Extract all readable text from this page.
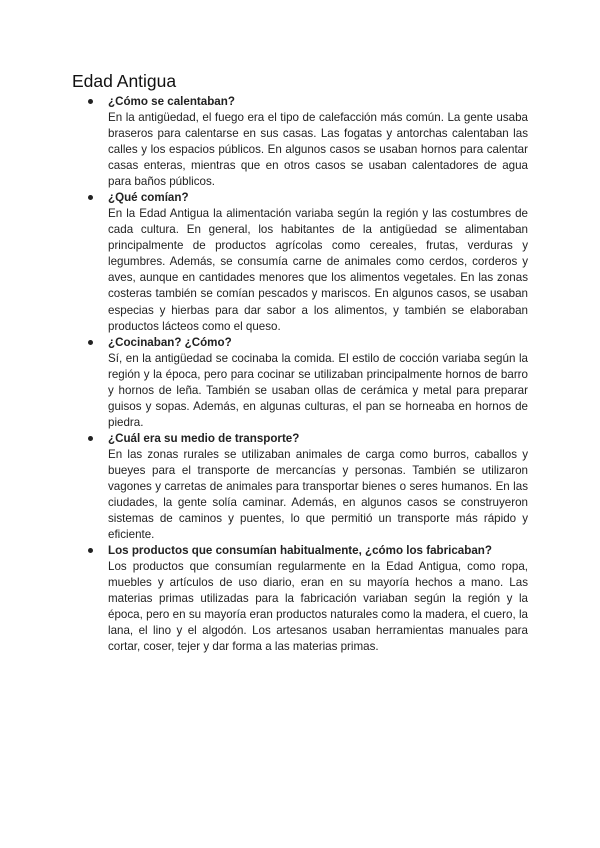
Edad Antigua

¿Cómo se calentaban?

En la antigüedad, el fuego era el tipo de calefacción más común. La gente usaba braseros para calentarse en sus casas. Las fogatas y antorchas calentaban las calles y los espacios públicos. En algunos casos se usaban hornos para calentar casas enteras, mientras que en otros casos se usaban calentadores de agua para baños públicos.

¿Qué comían?

En la Edad Antigua la alimentación variaba según la región y las costumbres de cada cultura. En general, los habitantes de la antigüedad se alimentaban principalmente de productos agrícolas como cereales, frutas, verduras y legumbres. Además, se consumía carne de animales como cerdos, corderos y aves, aunque en cantidades menores que los alimentos vegetales. En las zonas costeras también se comían pescados y mariscos. En algunos casos, se usaban especias y hierbas para dar sabor a los alimentos, y también se elaboraban productos lácteos como el queso.

¿Cocinaban? ¿Cómo?

Sí, en la antigüedad se cocinaba la comida. El estilo de cocción variaba según la región y la época, pero para cocinar se utilizaban principalmente hornos de barro y hornos de leña. También se usaban ollas de cerámica y metal para preparar guisos y sopas. Además, en algunas culturas, el pan se horneaba en hornos de piedra.

¿Cuál era su medio de transporte?

En las zonas rurales se utilizaban animales de carga como burros, caballos y bueyes para el transporte de mercancías y personas. También se utilizaron vagones y carretas de animales para transportar bienes o seres humanos. En las ciudades, la gente solía caminar. Además, en algunos casos se construyeron sistemas de caminos y puentes, lo que permitió un transporte más rápido y eficiente.

Los productos que consumían habitualmente, ¿cómo los fabricaban?

Los productos que consumían regularmente en la Edad Antigua, como ropa, muebles y artículos de uso diario, eran en su mayoría hechos a mano. Las materias primas utilizadas para la fabricación variaban según la región y la época, pero en su mayoría eran productos naturales como la madera, el cuero, la lana, el lino y el algodón. Los artesanos usaban herramientas manuales para cortar, coser, tejer y dar forma a las materias primas.
